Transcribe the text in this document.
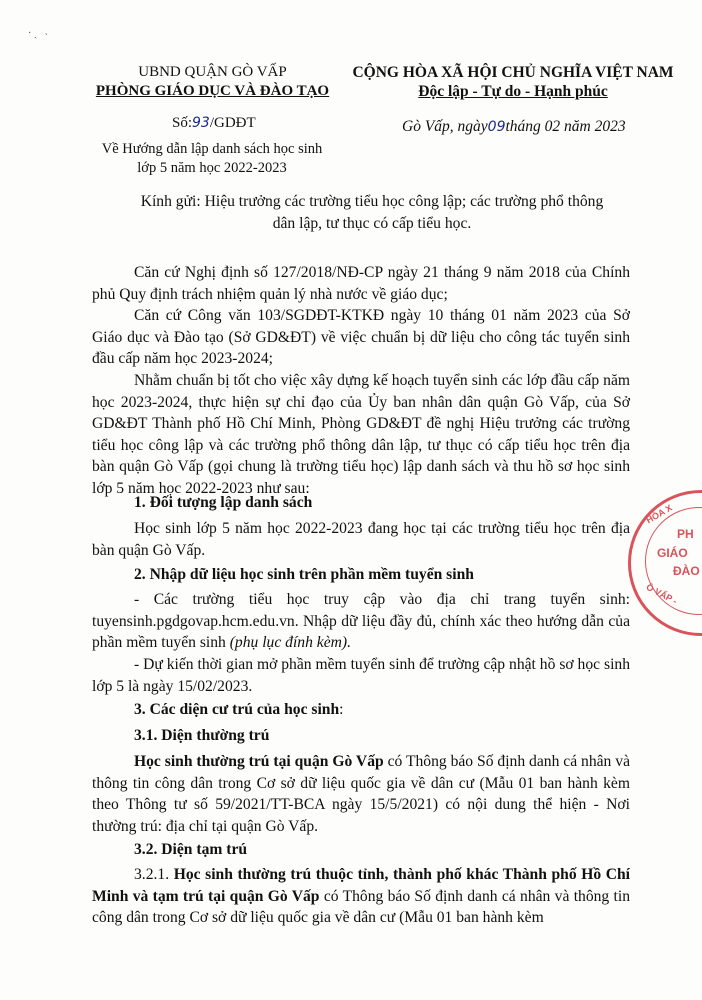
· ˎ   ˴
UBND QUẬN GÒ VẤP
PHÒNG GIÁO DỤC VÀ ĐÀO TẠO
CỘNG HÒA XÃ HỘI CHỦ NGHĨA VIỆT NAM
Độc lập - Tự do - Hạnh phúc
Số:93/GDĐT	Gò Vấp, ngày09tháng 02 năm 2023
Về Hướng dẫn lập danh sách học sinh
lớp 5 năm học 2022-2023
Kính gửi: Hiệu trưởng các trường tiểu học công lập; các trường phổ thông
dân lập, tư thục có cấp tiểu học.
Căn cứ Nghị định số 127/2018/NĐ-CP ngày 21 tháng 9 năm 2018 của Chính phủ Quy định trách nhiệm quản lý nhà nước về giáo dục;
Căn cứ Công văn 103/SGDĐT-KTKĐ ngày 10 tháng 01 năm 2023 của Sở Giáo dục và Đào tạo (Sở GD&ĐT) về việc chuẩn bị dữ liệu cho công tác tuyển sinh đầu cấp năm học 2023-2024;
Nhằm chuẩn bị tốt cho việc xây dựng kế hoạch tuyển sinh các lớp đầu cấp năm học 2023-2024, thực hiện sự chỉ đạo của Ủy ban nhân dân quận Gò Vấp, của Sở GD&ĐT Thành phố Hồ Chí Minh, Phòng GD&ĐT đề nghị Hiệu trưởng các trường tiểu học công lập và các trường phổ thông dân lập, tư thục có cấp tiểu học trên địa bàn quận Gò Vấp (gọi chung là trường tiểu học) lập danh sách và thu hồ sơ học sinh lớp 5 năm học 2022-2023 như sau:
1. Đối tượng lập danh sách
Học sinh lớp 5 năm học 2022-2023 đang học tại các trường tiểu học trên địa bàn quận Gò Vấp.
2. Nhập dữ liệu học sinh trên phần mềm tuyển sinh
- Các trường tiểu học truy cập vào địa chỉ trang tuyển sinh: tuyensinh.pgdgovap.hcm.edu.vn. Nhập dữ liệu đầy đủ, chính xác theo hướng dẫn của phần mềm tuyển sinh (phụ lục đính kèm).
- Dự kiến thời gian mở phần mềm tuyển sinh để trường cập nhật hồ sơ học sinh lớp 5 là ngày 15/02/2023.
3. Các diện cư trú của học sinh:
3.1. Diện thường trú
Học sinh thường trú tại quận Gò Vấp có Thông báo Số định danh cá nhân và thông tin công dân trong Cơ sở dữ liệu quốc gia về dân cư (Mẫu 01 ban hành kèm theo Thông tư số 59/2021/TT-BCA ngày 15/5/2021) có nội dung thể hiện - Nơi thường trú: địa chỉ tại quận Gò Vấp.
3.2. Diện tạm trú
3.2.1. Học sinh thường trú thuộc tỉnh, thành phố khác Thành phố Hồ Chí Minh và tạm trú tại quận Gò Vấp có Thông báo Số định danh cá nhân và thông tin công dân trong Cơ sở dữ liệu quốc gia về dân cư (Mẫu 01 ban hành kèm
HÒA X
PH
GIÁO
ĐÀO
Ò VẤP -
